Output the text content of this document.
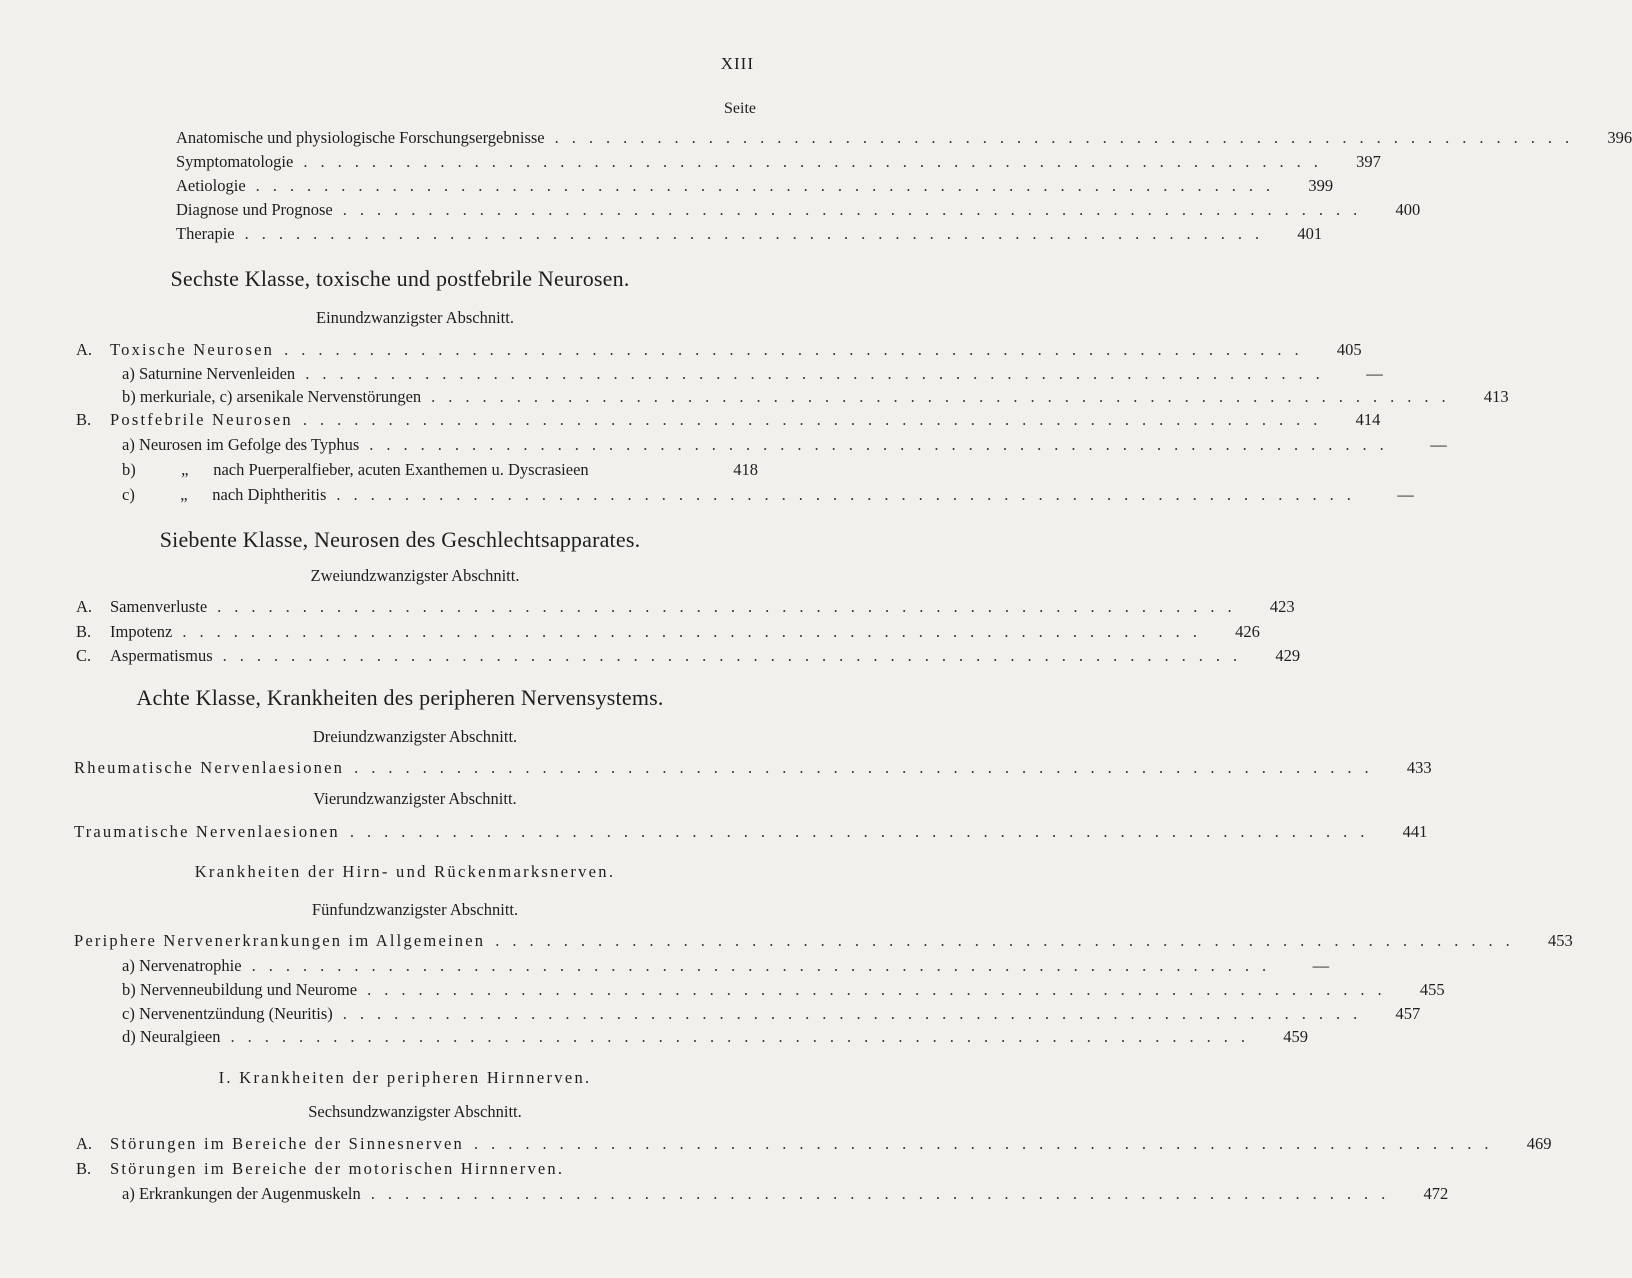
XIII
Seite
Anatomische und physiologische Forschungsergebnisse ............................................................	396
Symptomatologie ............................................................	397
Aetiologie ............................................................	399
Diagnose und Prognose ............................................................	400
Therapie ............................................................	401
Sechste Klasse, toxische und postfebrile Neurosen.
Einundzwanzigster Abschnitt.
A. Toxische Neurosen ............................................................	405
a) Saturnine Nervenleiden ............................................................	—
b) merkuriale, c) arsenikale Nervenstörungen ............................................................	413
B. Postfebrile Neurosen ............................................................	414
a) Neurosen im Gefolge des Typhus ............................................................	—
b)           „      nach Puerperalfieber, acuten Exanthemen u. Dyscrasieen	418
c)           „      nach Diphtheritis ............................................................	—
Siebente Klasse, Neurosen des Geschlechtsapparates.
Zweiundzwanzigster Abschnitt.
A. Samenverluste ............................................................	423
B. Impotenz ............................................................	426
C. Aspermatismus ............................................................	429
Achte Klasse, Krankheiten des peripheren Nervensystems.
Dreiundzwanzigster Abschnitt.
Rheumatische Nervenlaesionen ............................................................	433
Vierundzwanzigster Abschnitt.
Traumatische Nervenlaesionen ............................................................	441
Krankheiten der Hirn- und Rückenmarksnerven.
Fünfundzwanzigster Abschnitt.
Periphere Nervenerkrankungen im Allgemeinen ............................................................	453
a) Nervenatrophie ............................................................	—
b) Nervenneubildung und Neurome ............................................................	455
c) Nervenentzündung (Neuritis) ............................................................	457
d) Neuralgieen ............................................................	459
I. Krankheiten der peripheren Hirnnerven.
Sechsundzwanzigster Abschnitt.
A. Störungen im Bereiche der Sinnesnerven ............................................................	469
B. Störungen im Bereiche der motorischen Hirnnerven.
a) Erkrankungen der Augenmuskeln ............................................................	472
